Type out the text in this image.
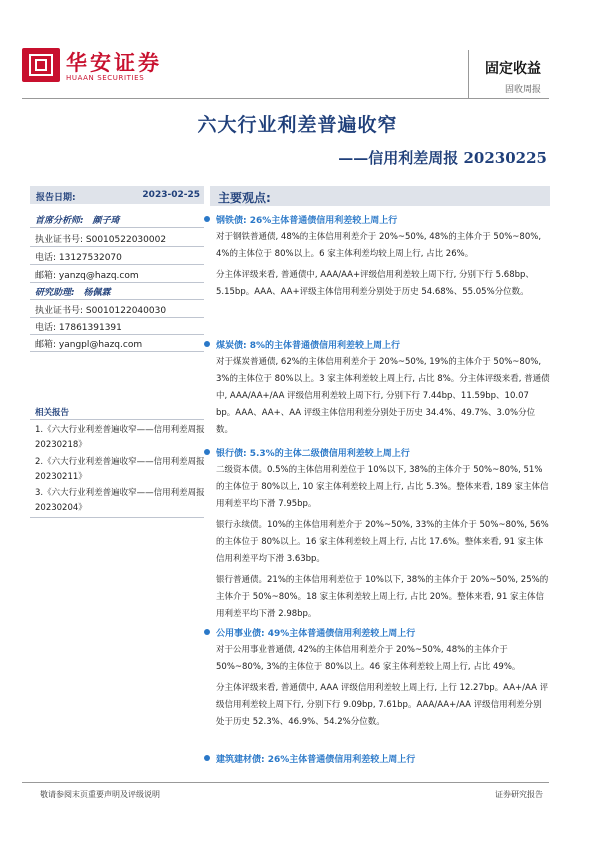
华安证券
HUAAN SECURITIES
固定收益
固收周报
六大行业利差普遍收窄
——信用利差周报 20230225
报告日期:	2023-02-25
首席分析师: 颜子琦
执业证书号: S0010522030002
电话: 13127532070
邮箱: yanzq@hazq.com
研究助理: 杨佩霖
执业证书号: S0010122040030
电话: 17861391391
邮箱: yangpl@hazq.com
相关报告
1.《六大行业利差普遍收窄——信用利差周报 20230218》
2.《六大行业利差普遍收窄——信用利差周报 20230211》
3.《六大行业利差普遍收窄——信用利差周报 20230204》
主要观点:
钢铁债: 26%主体普通债信用利差较上周上行

对于钢铁普通债, 48%的主体信用利差介于 20%~50%, 48%的主体介于 50%~80%, 4%的主体位于 80%以上。6 家主体利差均较上周上行, 占比 26%。

分主体评级来看, 普通债中, AAA/AA+评级信用利差较上周下行, 分别下行 5.68bp、5.15bp。AAA、AA+评级主体信用利差分别处于历史 54.68%、55.05%分位数。

煤炭债: 8%的主体普通债信用利差较上周上行

对于煤炭普通债, 62%的主体信用利差介于 20%~50%, 19%的主体介于 50%~80%, 3%的主体位于 80%以上。3 家主体利差较上周上行, 占比 8%。分主体评级来看, 普通债中, AAA/AA+/AA 评级信用利差较上周下行, 分别下行 7.44bp、11.59bp、10.07 bp。AAA、AA+、AA 评级主体信用利差分别处于历史 34.4%、49.7%、3.0%分位数。

银行债: 5.3%的主体二级债信用利差较上周上行

二级资本债。0.5%的主体信用利差位于 10%以下, 38%的主体介于 50%~80%, 51%的主体位于 80%以上, 10 家主体利差较上周上行, 占比 5.3%。整体来看, 189 家主体信用利差平均下滑 7.95bp。

银行永续债。10%的主体信用利差介于 20%~50%, 33%的主体介于 50%~80%, 56%的主体位于 80%以上。16 家主体利差较上周上行, 占比 17.6%。整体来看, 91 家主体信用利差平均下滑 3.63bp。

银行普通债。21%的主体信用利差位于 10%以下, 38%的主体介于 20%~50%, 25%的主体介于 50%~80%。18 家主体利差较上周上行, 占比 20%。整体来看, 91 家主体信用利差平均下滑 2.98bp。

公用事业债: 49%主体普通债信用利差较上周上行

对于公用事业普通债, 42%的主体信用利差介于 20%~50%, 48%的主体介于 50%~80%, 3%的主体位于 80%以上。46 家主体利差较上周上行, 占比 49%。

分主体评级来看, 普通债中, AAA 评级信用利差较上周上行, 上行 12.27bp。AA+/AA 评级信用利差较上周下行, 分别下行 9.09bp, 7.61bp。AAA/AA+/AA 评级信用利差分别处于历史 52.3%、46.9%、54.2%分位数。

建筑建材债: 26%主体普通债信用利差较上周上行
敬请参阅末页重要声明及评级说明	证券研究报告
